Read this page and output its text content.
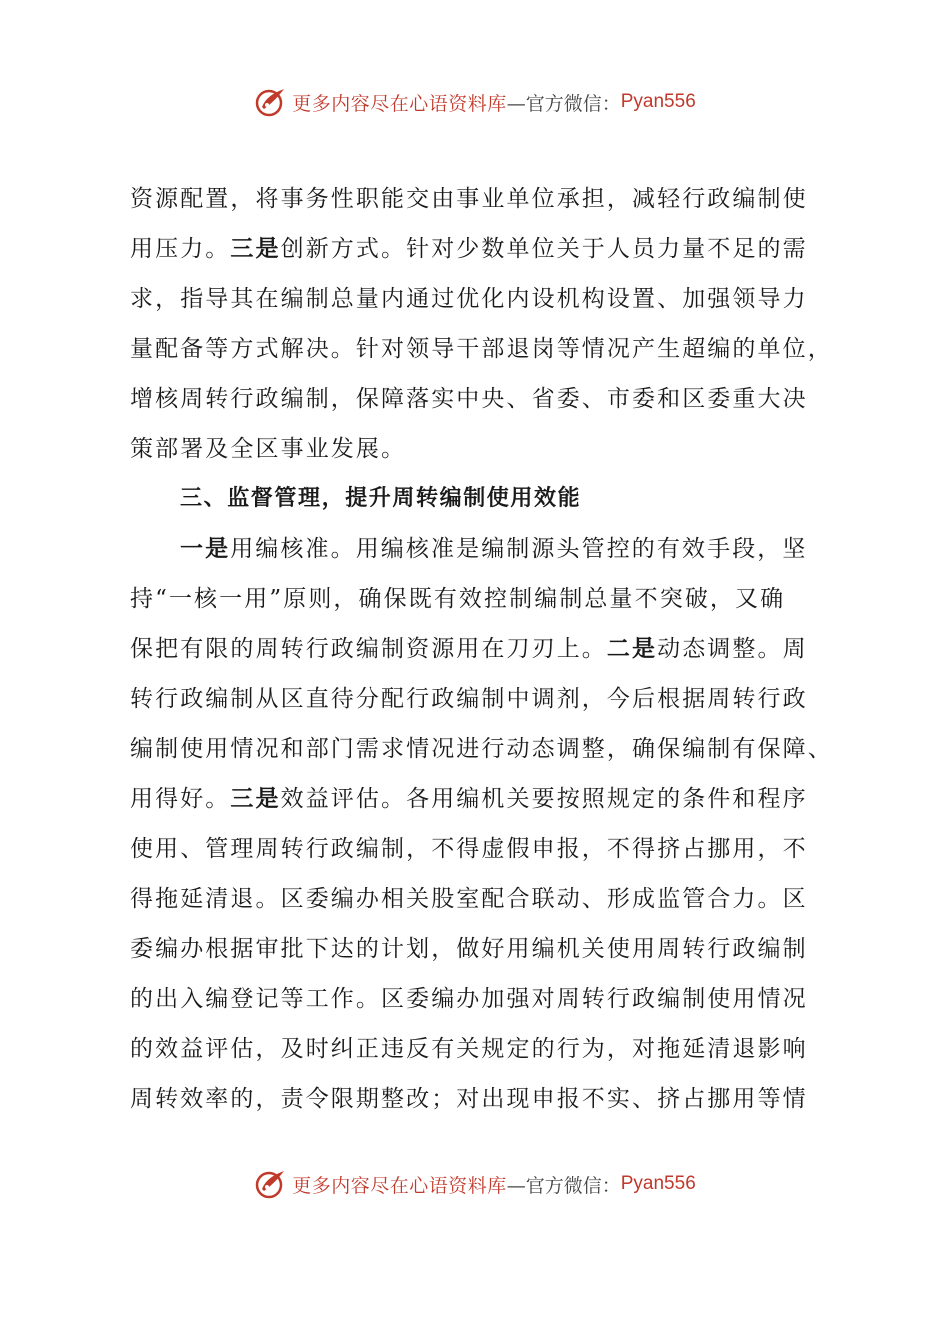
更多内容尽在心语资料库 —官方微信： Pyan556
资源配置，将事务性职能交由事业单位承担，减轻行政编制使
用压力。三是创新方式。针对少数单位关于人员力量不足的需
求，指导其在编制总量内通过优化内设机构设置、加强领导力
量配备等方式解决。针对领导干部退岗等情况产生超编的单位，
增核周转行政编制，保障落实中央、省委、市委和区委重大决
策部署及全区事业发展。
三、监督管理，提升周转编制使用效能
一是用编核准。用编核准是编制源头管控的有效手段，坚
持“一核一用”原则，确保既有效控制编制总量不突破，又确
保把有限的周转行政编制资源用在刀刃上。二是动态调整。周
转行政编制从区直待分配行政编制中调剂，今后根据周转行政
编制使用情况和部门需求情况进行动态调整，确保编制有保障、
用得好。三是效益评估。各用编机关要按照规定的条件和程序
使用、管理周转行政编制，不得虚假申报，不得挤占挪用，不
得拖延清退。区委编办相关股室配合联动、形成监管合力。区
委编办根据审批下达的计划，做好用编机关使用周转行政编制
的出入编登记等工作。区委编办加强对周转行政编制使用情况
的效益评估，及时纠正违反有关规定的行为，对拖延清退影响
周转效率的，责令限期整改；对出现申报不实、挤占挪用等情
更多内容尽在心语资料库 —官方微信： Pyan556
